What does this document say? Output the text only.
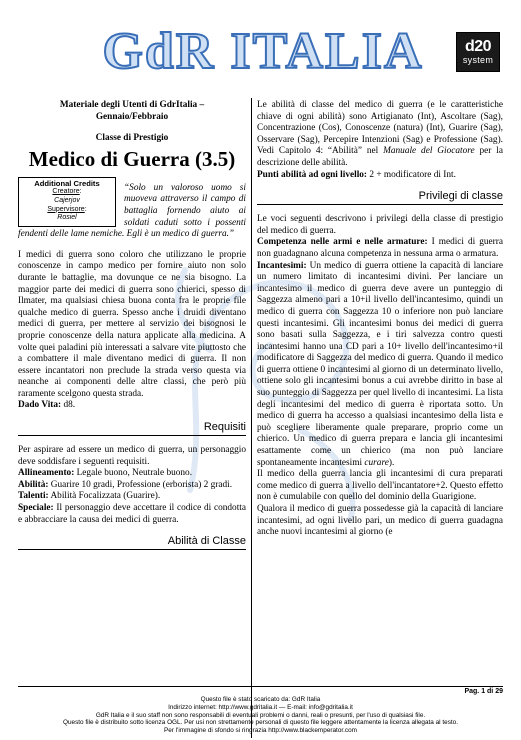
GdR ITALIA	d20
system
Materiale degli Utenti di GdrItalia –
Gennaio/Febbraio
Classe di Prestigio
Medico di Guerra (3.5)
Additional Credits
Creatore:
Cajerjov
Supervisore:
Rosiel

“Solo un valoroso uomo si muoveva attraverso il campo di battaglia fornendo aiuto ai soldati caduti sotto i possenti fendenti delle lame nemiche. Egli è un medico di guerra.”

I medici di guerra sono coloro che utilizzano le proprie conoscenze in campo medico per fornire aiuto non solo durante le battaglie, ma dovunque ce ne sia bisogno. La maggior parte dei medici di guerra sono chierici, spesso di Ilmater, ma qualsiasi chiesa buona conta fra le proprie file qualche medico di guerra. Spesso anche i druidi diventano medici di guerra, per mettere al servizio dei bisognosi le proprie conoscenze della natura applicate alla medicina. A volte quei paladini più interessati a salvare vite piuttosto che a combattere il male diventano medici di guerra. Il non essere incantatori non preclude la strada verso questa via neanche ai componenti delle altre classi, che però più raramente scelgono questa strada.

Dado Vita: d8.

Requisiti

Per aspirare ad essere un medico di guerra, un personaggio deve soddisfare i seguenti requisiti.

Allineamento: Legale buono, Neutrale buono.

Abilità: Guarire 10 gradi, Professione (erborista) 2 gradi.

Talenti: Abilità Focalizzata (Guarire).

Speciale: Il personaggio deve accettare il codice di condotta e abbracciare la causa dei medici di guerra.

Abilità di Classe

Le abilità di classe del medico di guerra (e le caratteristiche chiave di ogni abilità) sono Artigianato (Int), Ascoltare (Sag), Concentrazione (Cos), Conoscenze (natura) (Int), Guarire (Sag), Osservare (Sag), Percepire Intenzioni (Sag) e Professione (Sag). Vedi Capitolo 4: “Abilità” nel Manuale del Giocatore per la descrizione delle abilità.

Punti abilità ad ogni livello: 2 + modificatore di Int.

Privilegi di classe

Le voci seguenti descrivono i privilegi della classe di prestigio del medico di guerra.

Competenza nelle armi e nelle armature: I medici di guerra non guadagnano alcuna competenza in nessuna arma o armatura.

Incantesimi: Un medico di guerra ottiene la capacità di lanciare un numero limitato di incantesimi divini. Per lanciare un incantesimo il medico di guerra deve avere un punteggio di Saggezza almeno pari a 10+il livello dell'incantesimo, quindi un medico di guerra con Saggezza 10 o inferiore non può lanciare questi incantesimi. Gli incantesimi bonus dei medici di guerra sono basati sulla Saggezza, e i tiri salvezza contro questi incantesimi hanno una CD pari a 10+ livello dell'incantesimo+il modificatore di Saggezza del medico di guerra. Quando il medico di guerra ottiene 0 incantesimi al giorno di un determinato livello, ottiene solo gli incantesimi bonus a cui avrebbe diritto in base al suo punteggio di Saggezza per quel livello di incantesimi. La lista degli incantesimi del medico di guerra è riportata sotto. Un medico di guerra ha accesso a qualsiasi incantesimo della lista e può scegliere liberamente quale preparare, proprio come un chierico. Un medico di guerra prepara e lancia gli incantesimi esattamente come un chierico (ma non può lanciare spontaneamente incantesimi curare).

Il medico della guerra lancia gli incantesimi di cura preparati come medico di guerra a livello dell'incantatore+2. Questo effetto non è cumulabile con quello del dominio della Guarigione.

Qualora il medico di guerra possedesse già la capacità di lanciare incantesimi, ad ogni livello pari, un medico di guerra guadagna anche nuovi incantesimi al giorno (e

Pag. 1 di 29
Questo file è stato scaricato da: GdR Italia
Indirizzo internet: http://www.gdritalia.it — E-mail: info@gdritalia.it
GdR Italia e il suo staff non sono responsabili di eventuali problemi o danni, reali o presunti, per l'uso di qualsiasi file.
Questo file è distribuito sotto licenza OGL. Per usi non strettamente personali di questo file leggere attentamente la licenza allegata al testo.
Per l'immagine di sfondo si ringrazia http://www.blackemperator.com
